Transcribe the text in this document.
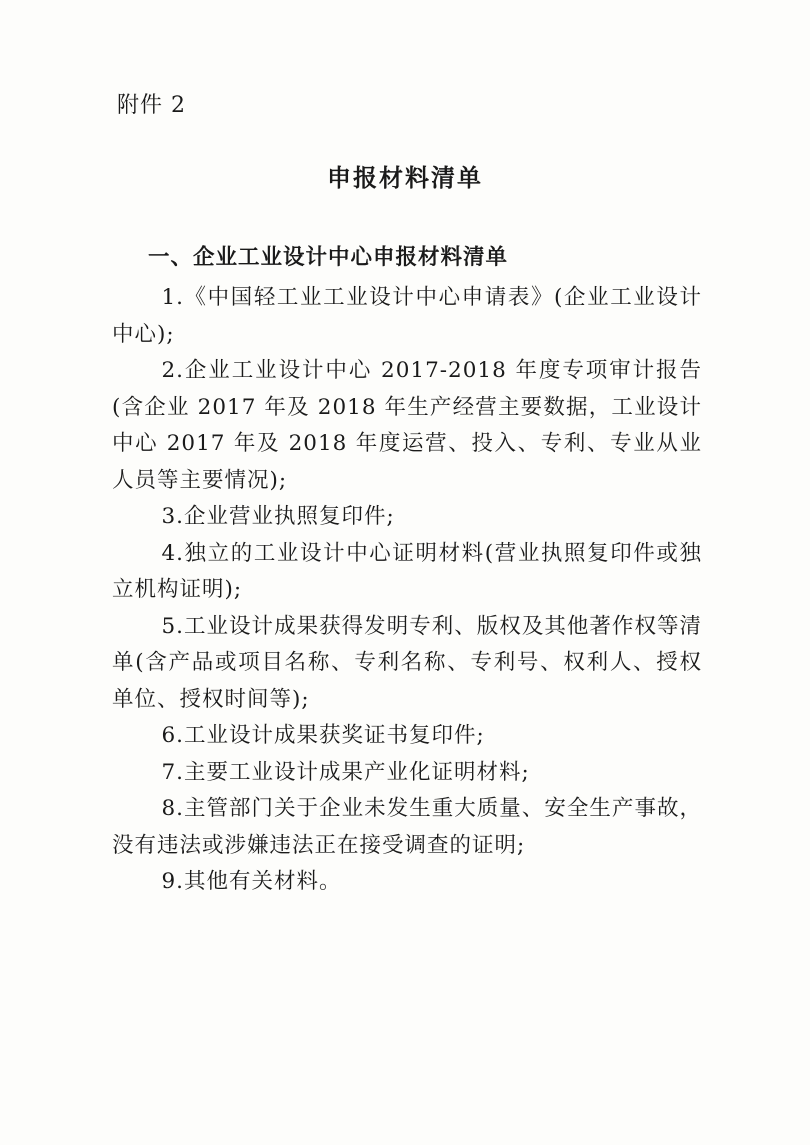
附件 2
申报材料清单
一、企业工业设计中心申报材料清单

1.《中国轻工业工业设计中心申请表》(企业工业设计中心);

2.企业工业设计中心 2017-2018 年度专项审计报告(含企业 2017 年及 2018 年生产经营主要数据，工业设计中心 2017 年及 2018 年度运营、投入、专利、专业从业人员等主要情况);

3.企业营业执照复印件;

4.独立的工业设计中心证明材料(营业执照复印件或独立机构证明);

5.工业设计成果获得发明专利、版权及其他著作权等清单(含产品或项目名称、专利名称、专利号、权利人、授权单位、授权时间等);

6.工业设计成果获奖证书复印件;

7.主要工业设计成果产业化证明材料;

8.主管部门关于企业未发生重大质量、安全生产事故，没有违法或涉嫌违法正在接受调查的证明;

9.其他有关材料。
